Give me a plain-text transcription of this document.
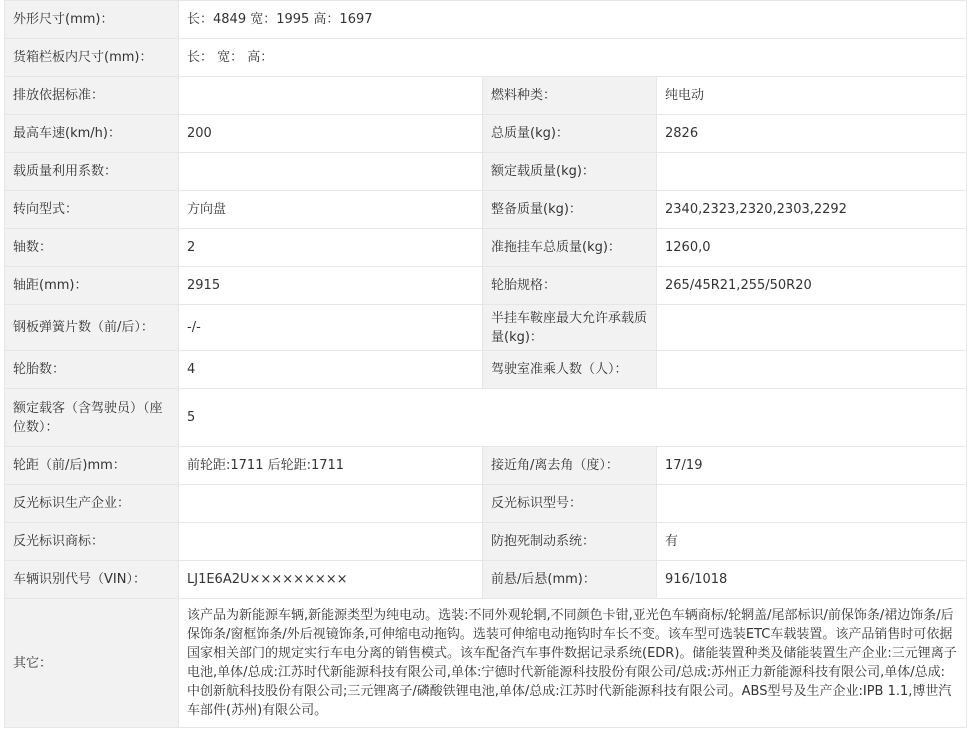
外形尺寸(mm)：	长：4849 宽：1995 高：1697		
货箱栏板内尺寸(mm)：	长： 宽： 高：		
排放依据标准：		燃料种类：	纯电动
最高车速(km/h)：	200	总质量(kg)：	2826
载质量利用系数：		额定载质量(kg)：	
转向型式：	方向盘	整备质量(kg)：	2340,2323,2320,2303,2292
轴数：	2	准拖挂车总质量(kg)：	1260,0
轴距(mm)：	2915	轮胎规格：	265/45R21,255/50R20
钢板弹簧片数（前/后）：	-/-	半挂车鞍座最大允许承载质量(kg)：	
轮胎数：	4	驾驶室准乘人数（人）：	
额定载客（含驾驶员）（座位数）：	5		
轮距（前/后)mm：	前轮距:1711 后轮距:1711	接近角/离去角（度）：	17/19
反光标识生产企业：		反光标识型号：	
反光标识商标：		防抱死制动系统：	有
车辆识别代号（VIN）：	LJ1E6A2U×××××××××	前悬/后悬(mm)：	916/1018
其它：	该产品为新能源车辆,新能源类型为纯电动。选装:不同外观轮辋,不同颜色卡钳,亚光色车辆商标/轮辋盖/尾部标识/前保饰条/裙边饰条/后保饰条/窗框饰条/外后视镜饰条,可伸缩电动拖钩。选装可伸缩电动拖钩时车长不变。该车型可选装ETC车载装置。该产品销售时可依据国家相关部门的规定实行车电分离的销售模式。该车配备汽车事件数据记录系统(EDR)。储能装置种类及储能装置生产企业:三元锂离子电池,单体/总成:江苏时代新能源科技有限公司,单体:宁德时代新能源科技股份有限公司/总成:苏州正力新能源科技有限公司,单体/总成:中创新航科技股份有限公司;三元锂离子/磷酸铁锂电池,单体/总成:江苏时代新能源科技有限公司。ABS型号及生产企业:IPB 1.1,博世汽车部件(苏州)有限公司。		
